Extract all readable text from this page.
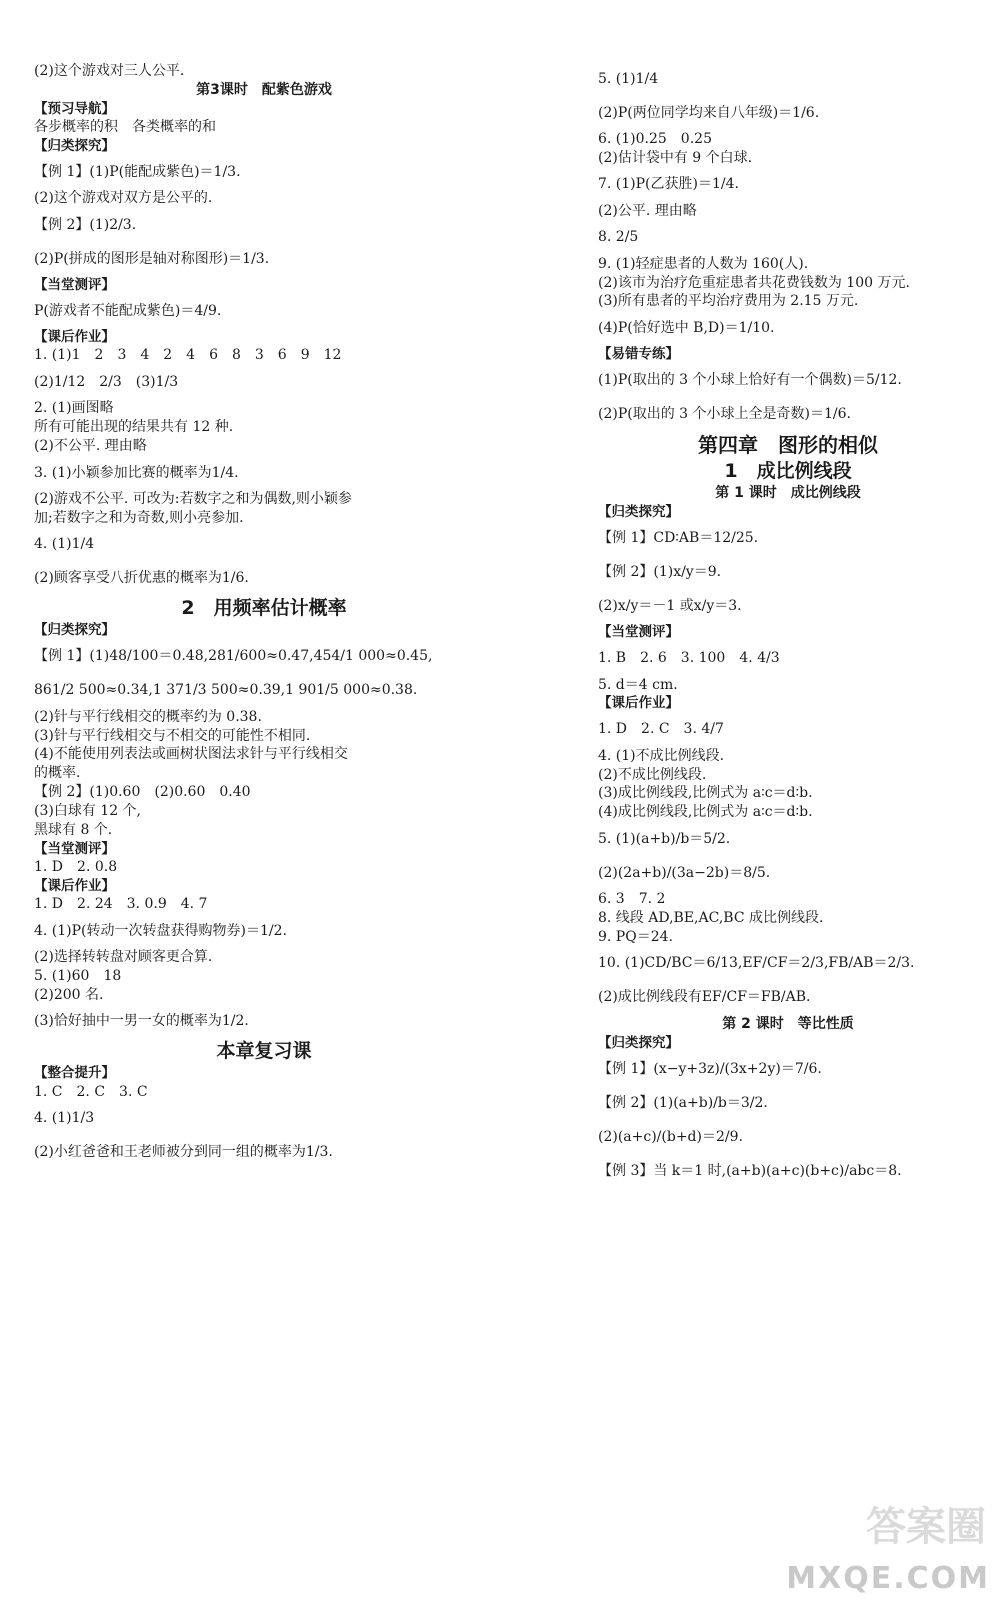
(2)这个游戏对三人公平.
第3课时　配紫色游戏
【预习导航】
各步概率的积　各类概率的和
【归类探究】
【例 1】(1)P(能配成紫色)＝1/3.
(2)这个游戏对双方是公平的.
【例 2】(1)2/3.
(2)P(拼成的图形是轴对称图形)＝1/3.
【当堂测评】
P(游戏者不能配成紫色)＝4/9.
【课后作业】
1. (1)1　2　3　4　2　4　6　8　3　6　9　12
(2)1/12　2/3　(3)1/3
2. (1)画图略
所有可能出现的结果共有 12 种.
(2)不公平. 理由略
3. (1)小颖参加比赛的概率为1/4.
(2)游戏不公平. 可改为:若数字之和为偶数,则小颖参
加;若数字之和为奇数,则小亮参加.
4. (1)1/4
(2)顾客享受八折优惠的概率为1/6.
2　用频率估计概率
【归类探究】
【例 1】(1)48/100＝0.48,281/600≈0.47,454/1 000≈0.45,
861/2 500≈0.34,1 371/3 500≈0.39,1 901/5 000≈0.38.
(2)针与平行线相交的概率约为 0.38.
(3)针与平行线相交与不相交的可能性不相同.
(4)不能使用列表法或画树状图法求针与平行线相交
的概率.
【例 2】(1)0.60　(2)0.60　0.40
(3)白球有 12 个,
黑球有 8 个.
【当堂测评】
1. D　2. 0.8
【课后作业】
1. D　2. 24　3. 0.9　4. 7
4. (1)P(转动一次转盘获得购物券)＝1/2.
(2)选择转转盘对顾客更合算.
5. (1)60　18
(2)200 名.
(3)恰好抽中一男一女的概率为1/2.
本章复习课
【整合提升】
1. C　2. C　3. C
4. (1)1/3
(2)小红爸爸和王老师被分到同一组的概率为1/3.
5. (1)1/4
(2)P(两位同学均来自八年级)＝1/6.
6. (1)0.25　0.25
(2)估计袋中有 9 个白球.
7. (1)P(乙获胜)＝1/4.
(2)公平. 理由略
8. 2/5
9. (1)轻症患者的人数为 160(人).
(2)该市为治疗危重症患者共花费钱数为 100 万元.
(3)所有患者的平均治疗费用为 2.15 万元.
(4)P(恰好选中 B,D)＝1/10.
【易错专练】
(1)P(取出的 3 个小球上恰好有一个偶数)＝5/12.
(2)P(取出的 3 个小球上全是奇数)＝1/6.
第四章　图形的相似
1　成比例线段
第 1 课时　成比例线段
【归类探究】
【例 1】CD∶AB＝12/25.
【例 2】(1)x/y＝9.
(2)x/y＝－1 或x/y＝3.
【当堂测评】
1. B　2. 6　3. 100　4. 4/3
5. d＝4 cm.
【课后作业】
1. D　2. C　3. 4/7
4. (1)不成比例线段.
(2)不成比例线段.
(3)成比例线段,比例式为 a∶c＝d∶b.
(4)成比例线段,比例式为 a∶c＝d∶b.
5. (1)(a+b)/b＝5/2.
(2)(2a+b)/(3a−2b)＝8/5.
6. 3　7. 2
8. 线段 AD,BE,AC,BC 成比例线段.
9. PQ＝24.
10. (1)CD/BC＝6/13,EF/CF＝2/3,FB/AB＝2/3.
(2)成比例线段有EF/CF＝FB/AB.
第 2 课时　等比性质
【归类探究】
【例 1】(x−y+3z)/(3x+2y)＝7/6.
【例 2】(1)(a+b)/b＝3/2.
(2)(a+c)/(b+d)＝2/9.
【例 3】当 k＝1 时,(a+b)(a+c)(b+c)/abc＝8.
答案圈
MXQE.COM
